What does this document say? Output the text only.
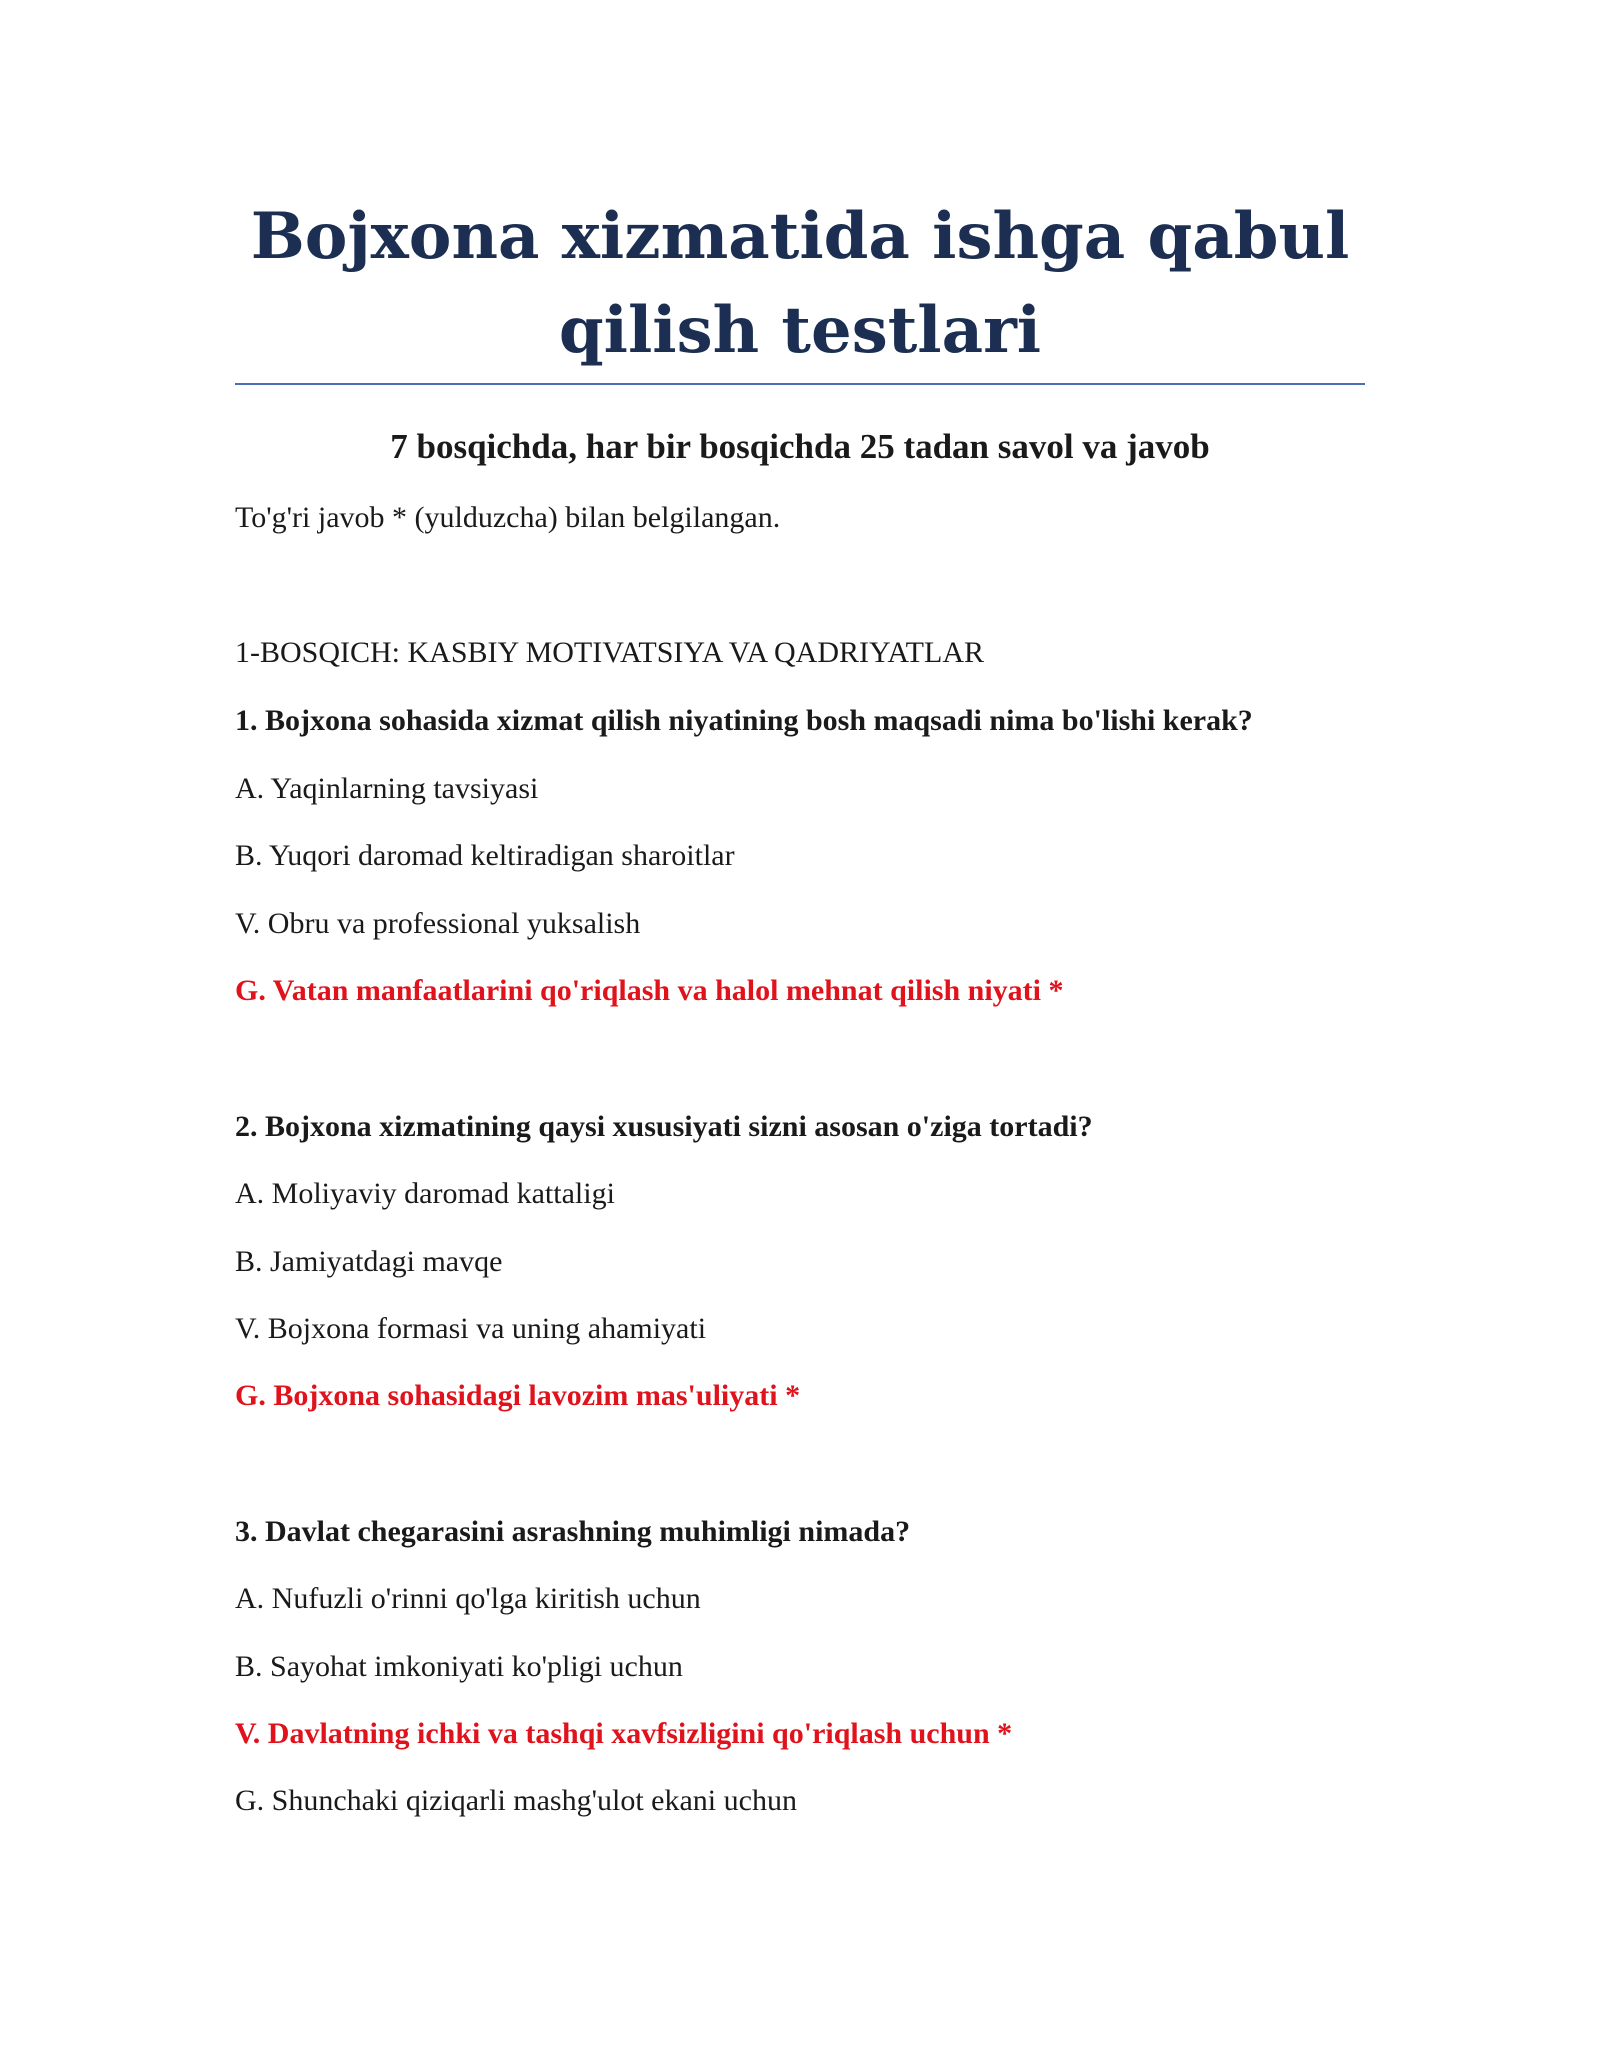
Bojxona xizmatida ishga qabul qilish testlari
7 bosqichda, har bir bosqichda 25 tadan savol va javob

To'g'ri javob * (yulduzcha) bilan belgilangan.

1-BOSQICH: KASBIY MOTIVATSIYA VA QADRIYATLAR

1. Bojxona sohasida xizmat qilish niyatining bosh maqsadi nima bo'lishi kerak?

A. Yaqinlarning tavsiyasi

B. Yuqori daromad keltiradigan sharoitlar

V. Obru va professional yuksalish

G. Vatan manfaatlarini qo'riqlash va halol mehnat qilish niyati *

2. Bojxona xizmatining qaysi xususiyati sizni asosan o'ziga tortadi?

A. Moliyaviy daromad kattaligi

B. Jamiyatdagi mavqe

V. Bojxona formasi va uning ahamiyati

G. Bojxona sohasidagi lavozim mas'uliyati *

3. Davlat chegarasini asrashning muhimligi nimada?

A. Nufuzli o'rinni qo'lga kiritish uchun

B. Sayohat imkoniyati ko'pligi uchun

V. Davlatning ichki va tashqi xavfsizligini qo'riqlash uchun *

G. Shunchaki qiziqarli mashg'ulot ekani uchun
